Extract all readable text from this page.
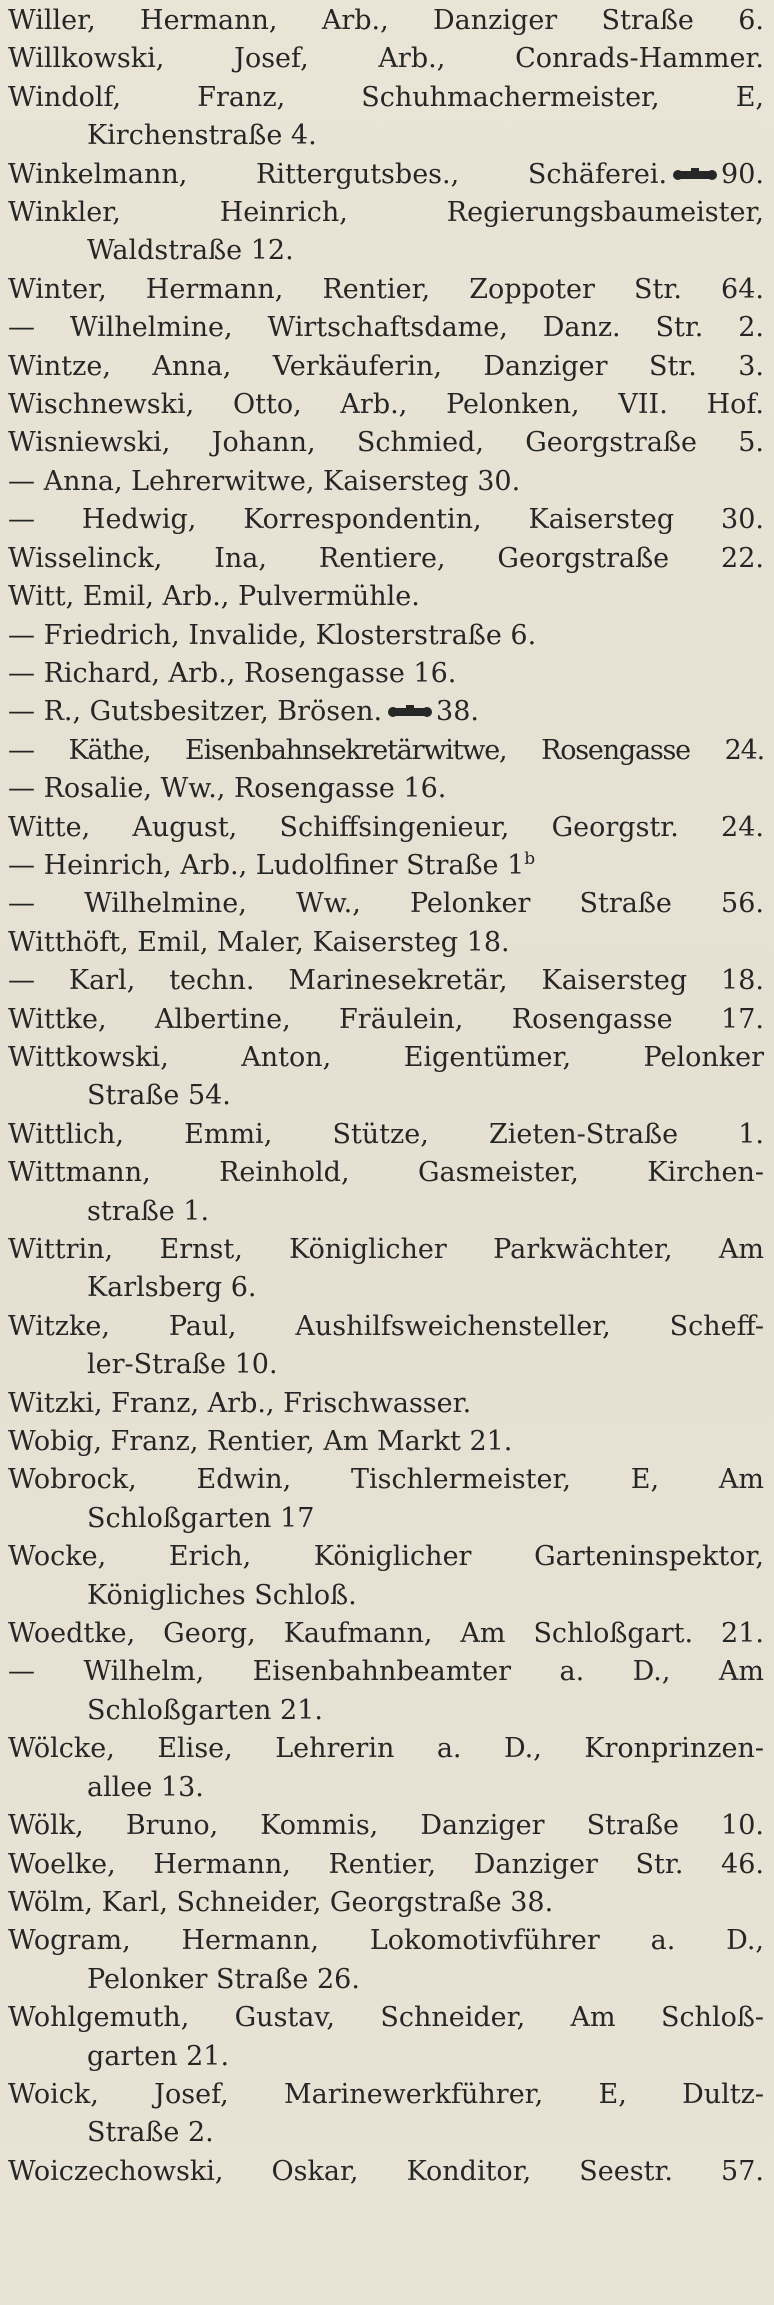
Willer, Hermann, Arb., Danziger Straße 6.
Willkowski, Josef, Arb., Conrads-Hammer.
Windolf, Franz, Schuhmachermeister, E,
Kirchenstraße 4.
Winkelmann, Rittergutsbes., Schäferei. 90.
Winkler, Heinrich, Regierungsbaumeister,
Waldstraße 12.
Winter, Hermann, Rentier, Zoppoter Str. 64.
— Wilhelmine, Wirtschaftsdame, Danz. Str. 2.
Wintze, Anna, Verkäuferin, Danziger Str. 3.
Wischnewski, Otto, Arb., Pelonken, VII. Hof.
Wisniewski, Johann, Schmied, Georgstraße 5.
— Anna, Lehrerwitwe, Kaisersteg 30.
— Hedwig, Korrespondentin, Kaisersteg 30.
Wisselinck, Ina, Rentiere, Georgstraße 22.
Witt, Emil, Arb., Pulvermühle.
— Friedrich, Invalide, Klosterstraße 6.
— Richard, Arb., Rosengasse 16.
— R., Gutsbesitzer, Brösen. 38.
— Käthe, Eisenbahnsekretärwitwe, Rosengasse 24.
— Rosalie, Ww., Rosengasse 16.
Witte, August, Schiffsingenieur, Georgstr. 24.
— Heinrich, Arb., Ludolfiner Straße 1$^b$
— Wilhelmine, Ww., Pelonker Straße 56.
Witthöft, Emil, Maler, Kaisersteg 18.
— Karl, techn. Marinesekretär, Kaisersteg 18.
Wittke, Albertine, Fräulein, Rosengasse 17.
Wittkowski, Anton, Eigentümer, Pelonker
Straße 54.
Wittlich, Emmi, Stütze, Zieten-Straße 1.
Wittmann, Reinhold, Gasmeister, Kirchen-
straße 1.
Wittrin, Ernst, Königlicher Parkwächter, Am
Karlsberg 6.
Witzke, Paul, Aushilfsweichensteller, Scheff-
ler-Straße 10.
Witzki, Franz, Arb., Frischwasser.
Wobig, Franz, Rentier, Am Markt 21.
Wobrock, Edwin, Tischlermeister, E, Am
Schloßgarten 17
Wocke, Erich, Königlicher Garteninspektor,
Königliches Schloß.
Woedtke, Georg, Kaufmann, Am Schloßgart. 21.
— Wilhelm, Eisenbahnbeamter a. D., Am
Schloßgarten 21.
Wölcke, Elise, Lehrerin a. D., Kronprinzen-
allee 13.
Wölk, Bruno, Kommis, Danziger Straße 10.
Woelke, Hermann, Rentier, Danziger Str. 46.
Wölm, Karl, Schneider, Georgstraße 38.
Wogram, Hermann, Lokomotivführer a. D.,
Pelonker Straße 26.
Wohlgemuth, Gustav, Schneider, Am Schloß-
garten 21.
Woick, Josef, Marinewerkführer, E, Dultz-
Straße 2.
Woiczechowski, Oskar, Konditor, Seestr. 57.
